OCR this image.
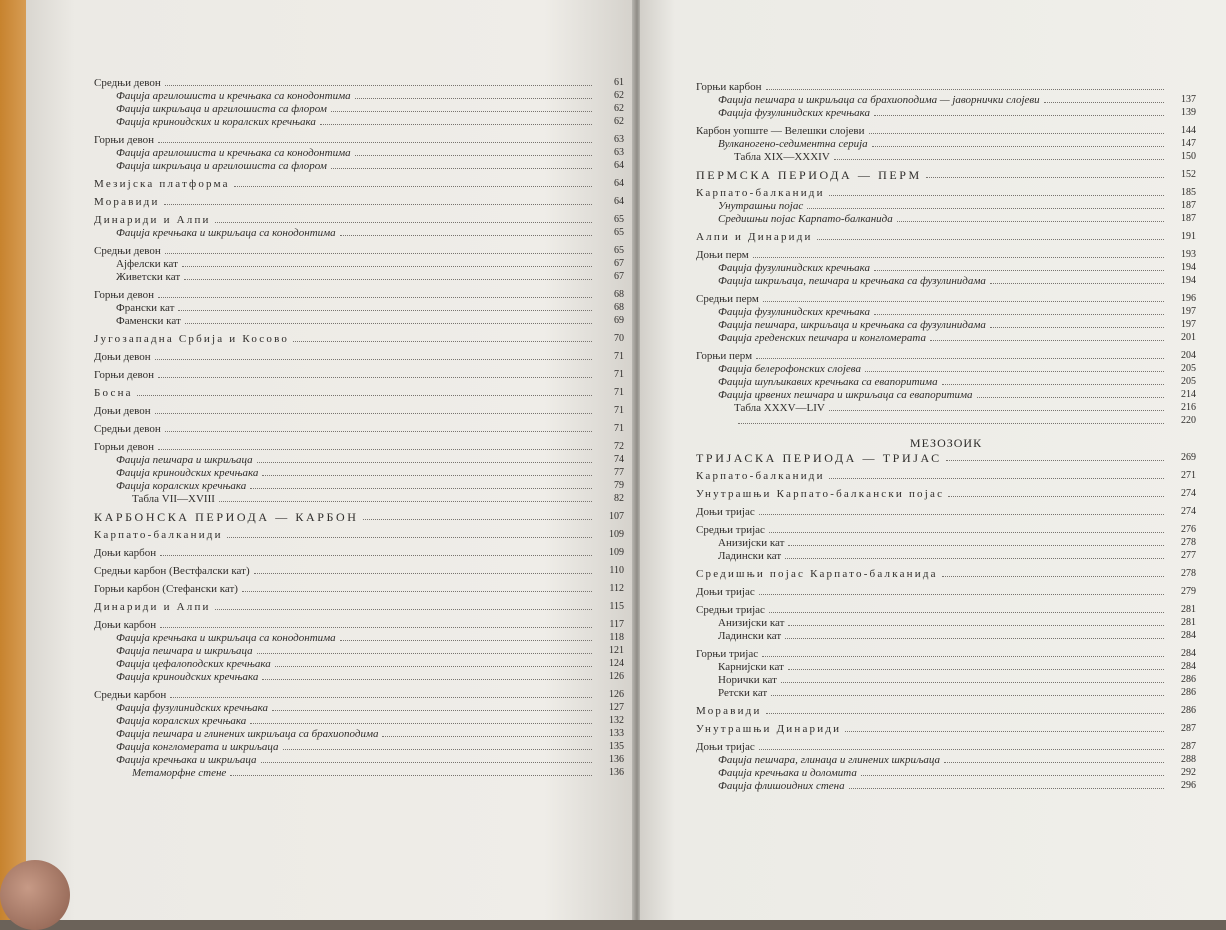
Средњи девон	61
Фација аргилошиста и кречњака са конодонтима	62
Фација шкриљаца и аргилошиста са флором	62
Фација криноидских и коралских кречњака	62
Горњи девон	63
Фација аргилошиста и кречњака са конодонтима	63
Фација шкриљаца и аргилошиста са флором	64
Мезијска платформа	64
Моравиди	64
Динариди и Алпи	65
Фација кречњака и шкриљаца са конодонтима	65
Средњи девон	65
Ајфелски кат	67
Живетски кат	67
Горњи девон	68
Франски кат	68
Фаменски кат	69
Југозападна Србија и Косово	70
Доњи девон	71
Горњи девон	71
Босна	71
Доњи девон	71
Средњи девон	71
Горњи девон	72
Фација пешчара и шкриљаца	74
Фација криноидских кречњака	77
Фација коралских кречњака	79
Табла VII—XVIII	82
КАРБОНСКА ПЕРИОДА — КАРБОН	107
Карпато-балканиди	109
Доњи карбон	109
Средњи карбон (Вестфалски кат)	110
Горњи карбон (Стефански кат)	112
Динариди и Алпи	115
Доњи карбон	117
Фација кречњака и шкриљаца са конодонтима	118
Фација пешчара и шкриљаца	121
Фација цефалоподских кречњака	124
Фација криноидских кречњака	126
Средњи карбон	126
Фација фузулинидских кречњака	127
Фација коралских кречњака	132
Фација пешчара и глинених шкриљаца са брахиоподима	133
Фација конгломерата и шкриљаца	135
Фација кречњака и шкриљаца	136
Метаморфне стене	136
Горњи карбон
Фација пешчара и шкриљаца са брахиоподима — јаворнички слојеви	137
Фација фузулинидских кречњака	139
Карбон уопште — Велешки слојеви	144
Вулканогено-седиментна серија	147
Табла XIX—XXXIV	150
ПЕРМСКА ПЕРИОДА — ПЕРМ	152
Карпато-балканиди	185
Унутрашњи појас	187
Средишњи појас Карпато-балканида	187
Алпи и Динариди	191
Доњи перм	193
Фација фузулинидских кречњака	194
Фација шкриљаца, пешчара и кречњака са фузулинидама	194
Средњи перм	196
Фација фузулинидских кречњака	197
Фација пешчара, шкриљаца и кречњака са фузулинидама	197
Фација греденских пешчара и конгломерата	201
Горњи перм	204
Фација белерофонских слојева	205
Фација шупљикавих кречњака са евапоритима	205
Фација црвених пешчара и шкриљаца са евапоритима	214
Табла XXXV—LIV	216
220
МЕЗОЗОИК
ТРИЈАСКА ПЕРИОДА — ТРИЈАС	269
Карпато-балканиди	271
Унутрашњи Карпато-балкански појас	274
Доњи тријас	274
Средњи тријас	276
Анизијски кат	278
Ладински кат	277
Средишњи појас Карпато-балканида	278
Доњи тријас	279
Средњи тријас	281
Анизијски кат	281
Ладински кат	284
Горњи тријас	284
Карнијски кат	284
Норички кат	286
Ретски кат	286
Моравиди	286
Унутрашњи Динариди	287
Доњи тријас	287
Фација пешчара, глинаца и глинених шкриљаца	288
Фација кречњака и доломита	292
Фација флишоидних стена	296
